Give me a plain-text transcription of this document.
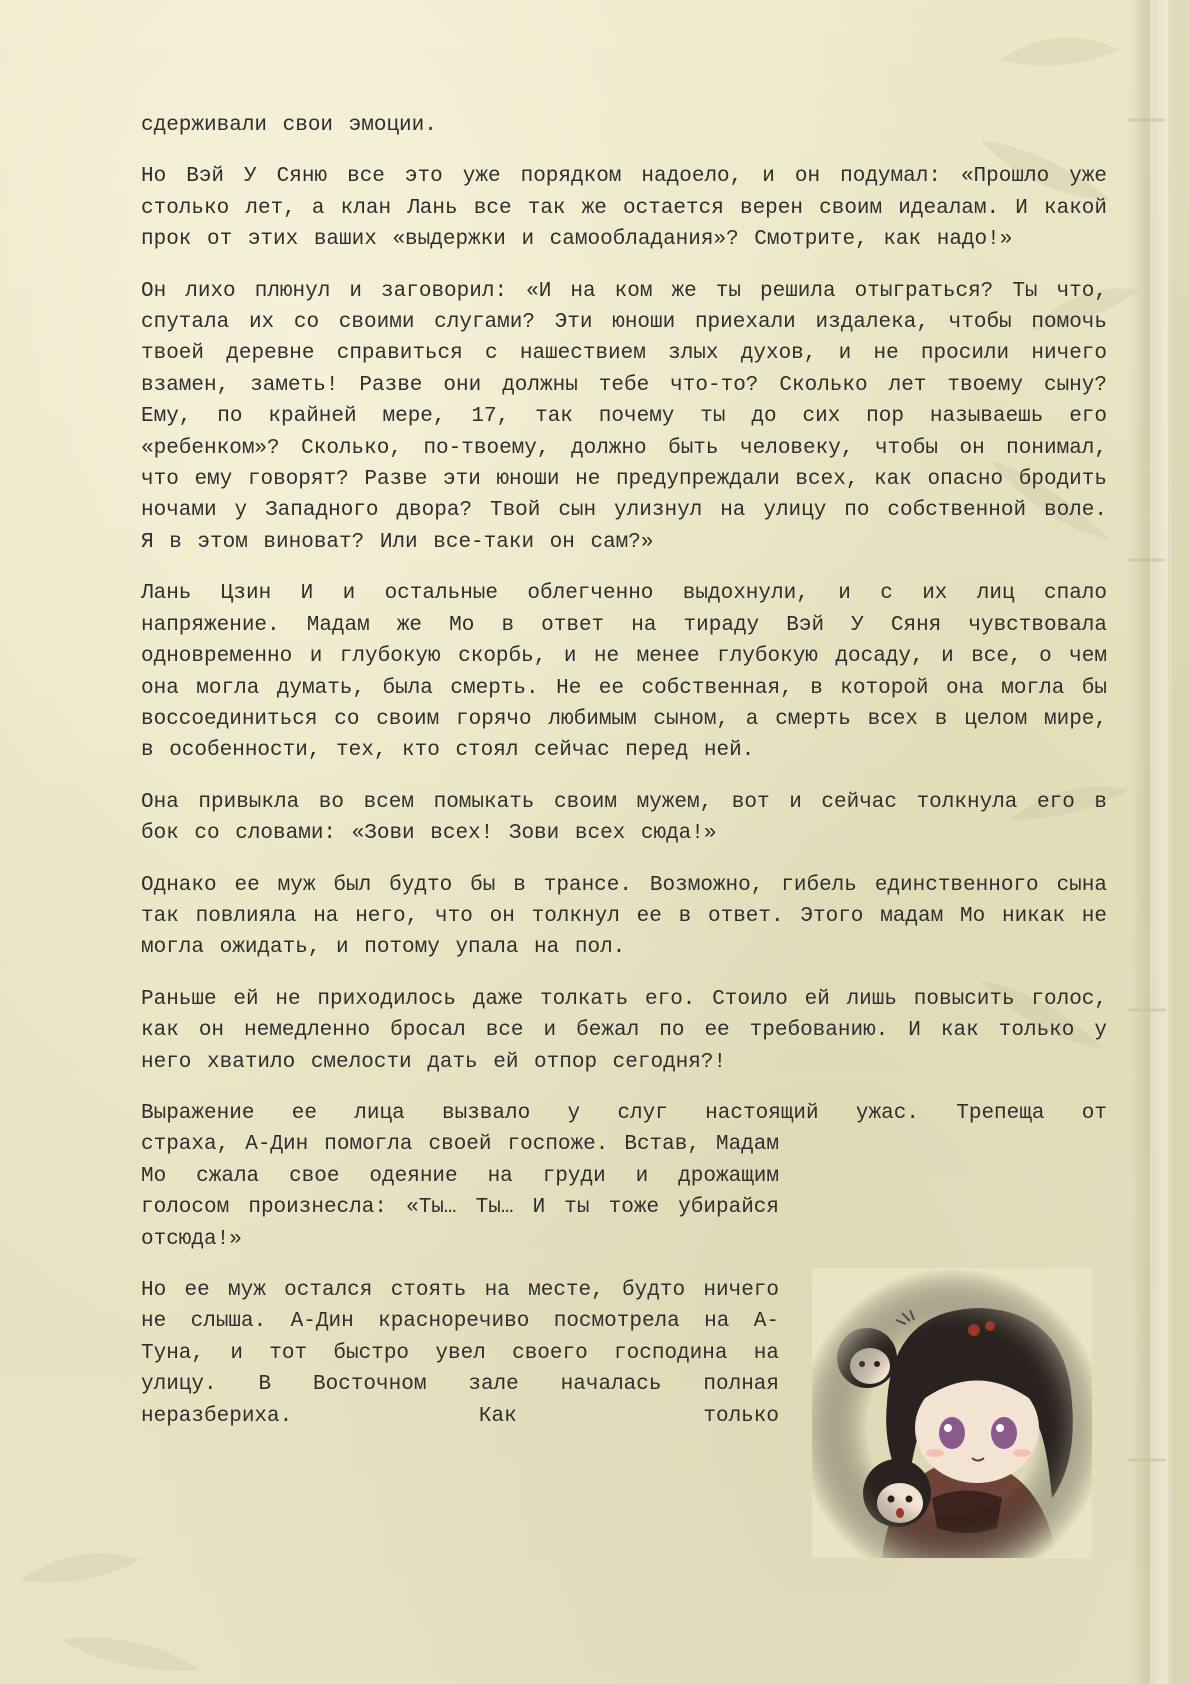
сдерживали свои эмоции.

Но Вэй У Сяню все это уже порядком надоело, и он подумал: «Прошло уже столько лет, а клан Лань все так же остается верен своим идеалам. И какой прок от этих ваших «выдержки и самообладания»? Смотрите, как надо!»

Он лихо плюнул и заговорил: «И на ком же ты решила отыграться? Ты что, спутала их со своими слугами? Эти юноши приехали издалека, чтобы помочь твоей деревне справиться с нашествием злых духов, и не просили ничего взамен, заметь! Разве они должны тебе что-то? Сколько лет твоему сыну? Ему, по крайней мере, 17, так почему ты до сих пор называешь его «ребенком»? Сколько, по-твоему, должно быть человеку, чтобы он понимал, что ему говорят? Разве эти юноши не предупреждали всех, как опасно бродить ночами у Западного двора? Твой сын улизнул на улицу по собственной воле. Я в этом виноват? Или все-таки он сам?»

Лань Цзин И и остальные облегченно выдохнули, и с их лиц спало напряжение. Мадам же Мо в ответ на тираду Вэй У Сяня чувствовала одновременно и глубокую скорбь, и не менее глубокую досаду, и все, о чем она могла думать, была смерть. Не ее собственная, в которой она могла бы воссоединиться со своим горячо любимым сыном, а смерть всех в целом мире, в особенности, тех, кто стоял сейчас перед ней.

Она привыкла во всем помыкать своим мужем, вот и сейчас толкнула его в бок со словами: «Зови всех! Зови всех сюда!»

Однако ее муж был будто бы в трансе. Возможно, гибель единственного сына так повлияла на него, что он толкнул ее в ответ. Этого мадам Мо никак не могла ожидать, и потому упала на пол.

Раньше ей не приходилось даже толкать его. Стоило ей лишь повысить голос, как он немедленно бросал все и бежал по ее требованию. И как только у него хватило смелости дать ей отпор сегодня?!

Выражение ее лица вызвало у слуг настоящий ужас. Трепеща от
страха, А-Дин помогла своей госпоже. Встав, Мадам Мо сжала свое одеяние на груди и дрожащим голосом произнесла: «Ты… Ты… И ты тоже убирайся отсюда!»

Но ее муж остался стоять на месте, будто ничего не слыша. А-Дин красноречиво посмотрела на А-Туна, и тот быстро увел своего господина на улицу. В Восточном зале началась полная неразбериха. Как только
